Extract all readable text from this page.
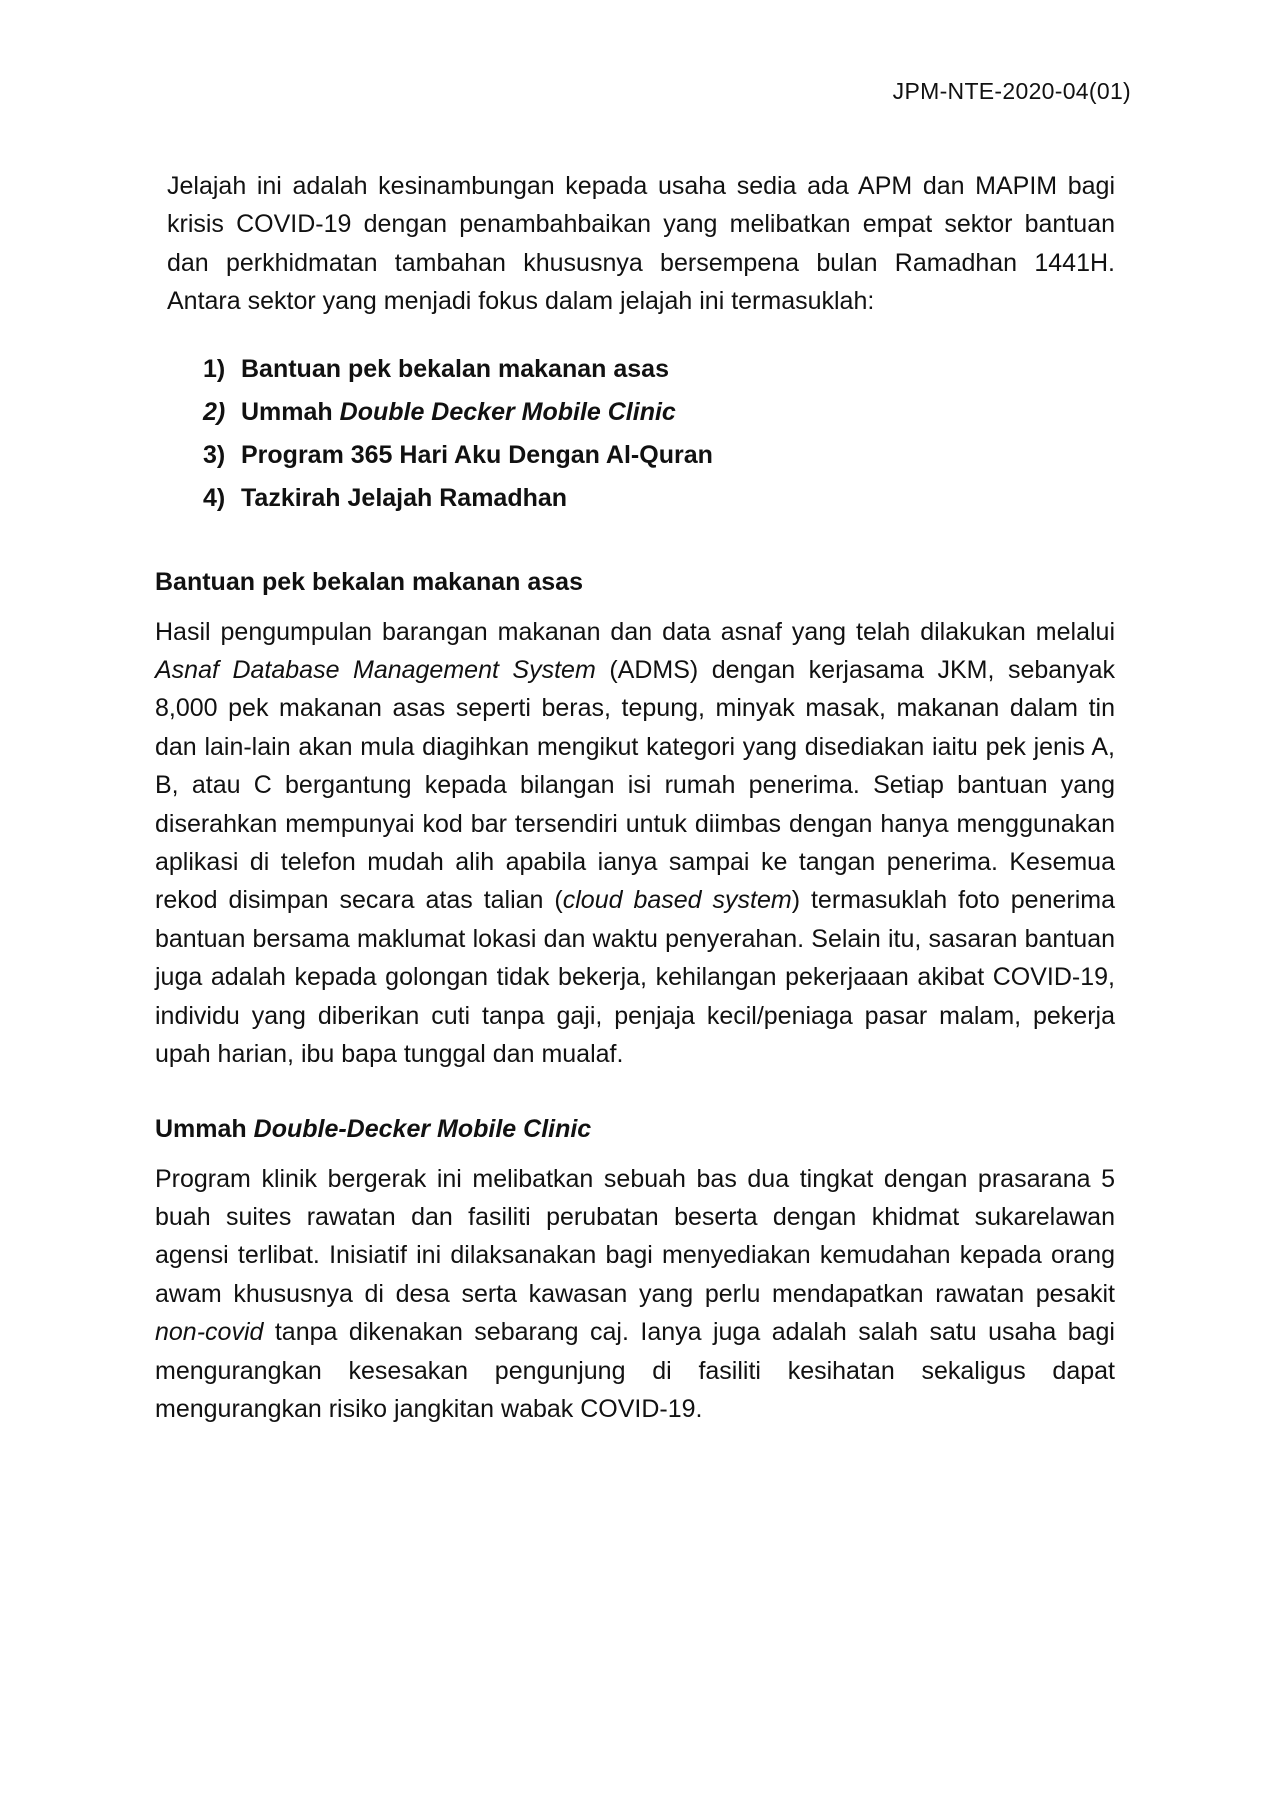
JPM-NTE-2020-04(01)

Jelajah ini adalah kesinambungan kepada usaha sedia ada APM dan MAPIM bagi krisis COVID-19 dengan penambahbaikan yang melibatkan empat sektor bantuan dan perkhidmatan tambahan khususnya bersempena bulan Ramadhan 1441H. Antara sektor yang menjadi fokus dalam jelajah ini termasuklah:

1) Bantuan pek bekalan makanan asas
2) Ummah Double Decker Mobile Clinic
3) Program 365 Hari Aku Dengan Al-Quran
4) Tazkirah Jelajah Ramadhan
Bantuan pek bekalan makanan asas

Hasil pengumpulan barangan makanan dan data asnaf yang telah dilakukan melalui Asnaf Database Management System (ADMS) dengan kerjasama JKM, sebanyak 8,000 pek makanan asas seperti beras, tepung, minyak masak, makanan dalam tin dan lain-lain akan mula diagihkan mengikut kategori yang disediakan iaitu pek jenis A, B, atau C bergantung kepada bilangan isi rumah penerima. Setiap bantuan yang diserahkan mempunyai kod bar tersendiri untuk diimbas dengan hanya menggunakan aplikasi di telefon mudah alih apabila ianya sampai ke tangan penerima. Kesemua rekod disimpan secara atas talian (cloud based system) termasuklah foto penerima bantuan bersama maklumat lokasi dan waktu penyerahan. Selain itu, sasaran bantuan juga adalah kepada golongan tidak bekerja, kehilangan pekerjaaan akibat COVID-19, individu yang diberikan cuti tanpa gaji, penjaja kecil/peniaga pasar malam, pekerja upah harian, ibu bapa tunggal dan mualaf.

Ummah Double-Decker Mobile Clinic

Program klinik bergerak ini melibatkan sebuah bas dua tingkat dengan prasarana 5 buah suites rawatan dan fasiliti perubatan beserta dengan khidmat sukarelawan agensi terlibat. Inisiatif ini dilaksanakan bagi menyediakan kemudahan kepada orang awam khususnya di desa serta kawasan yang perlu mendapatkan rawatan pesakit non-covid tanpa dikenakan sebarang caj. Ianya juga adalah salah satu usaha bagi mengurangkan kesesakan pengunjung di fasiliti kesihatan sekaligus dapat mengurangkan risiko jangkitan wabak COVID-19.
